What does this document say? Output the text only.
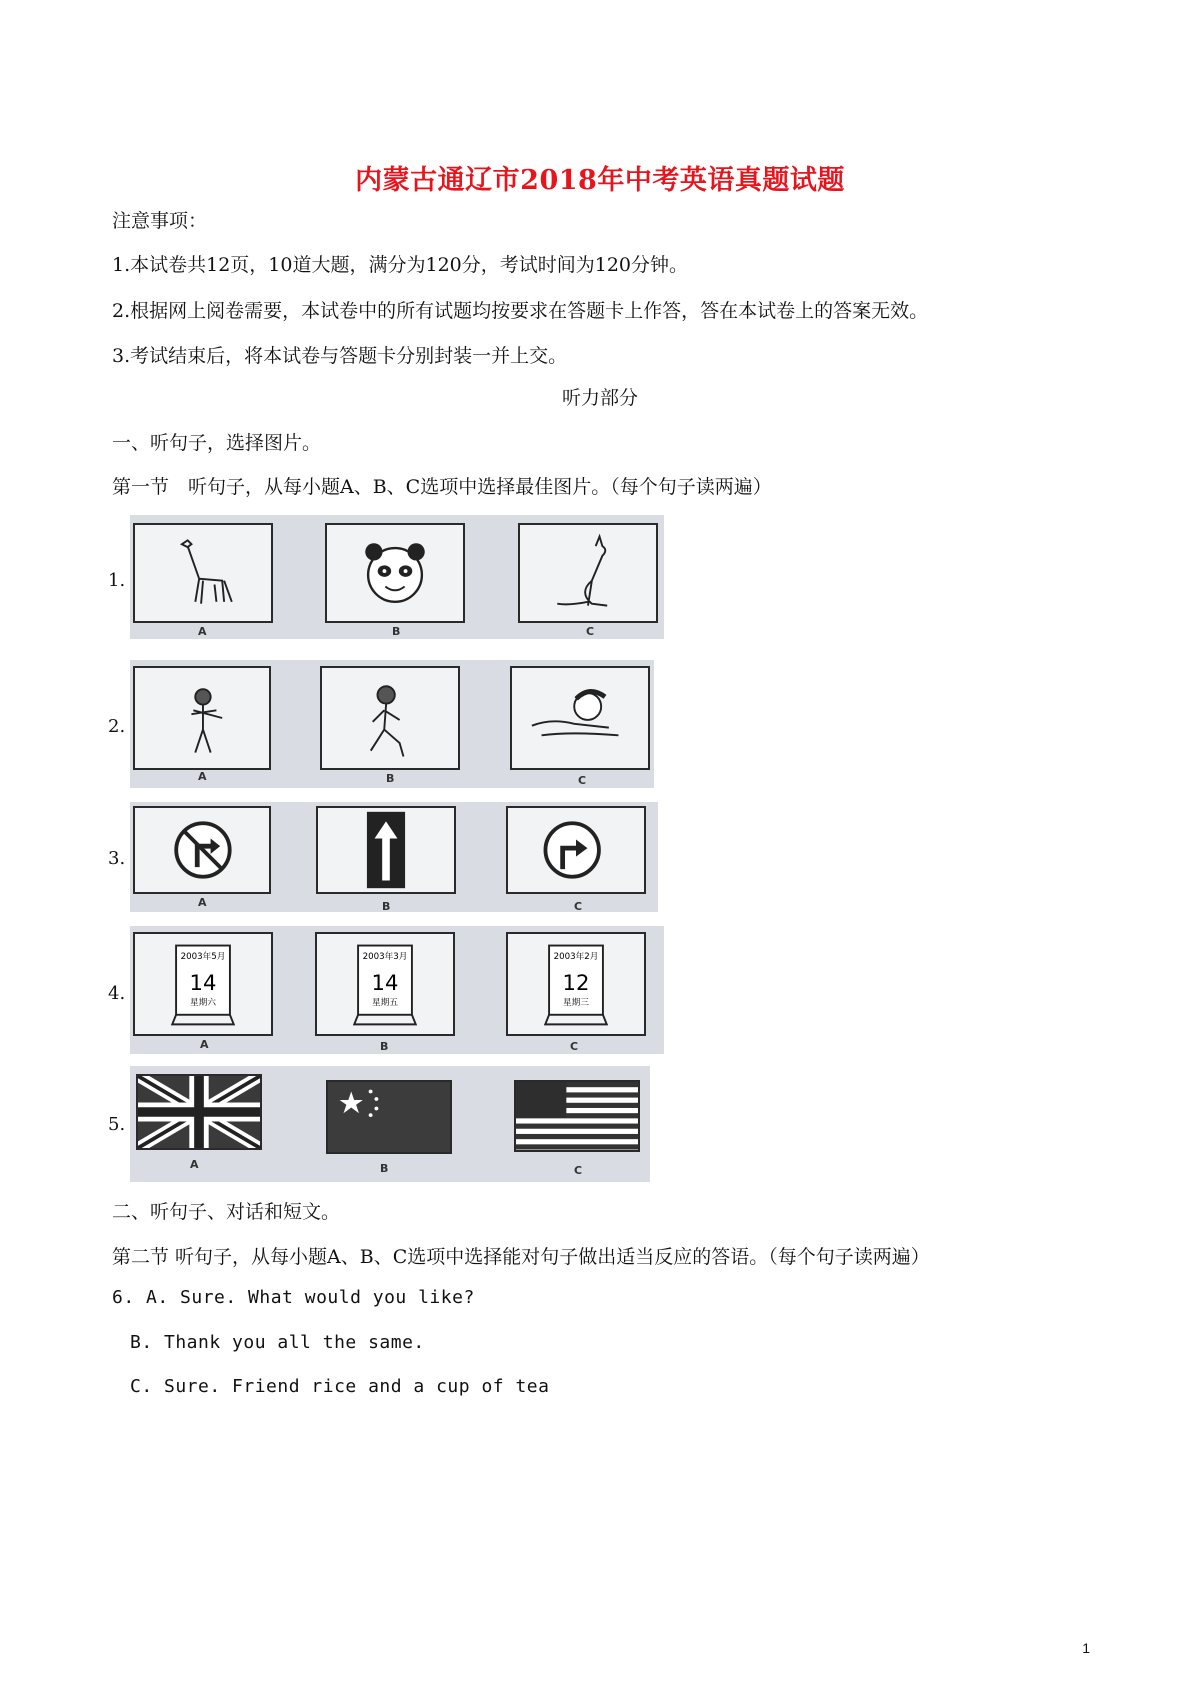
内蒙古通辽市2018年中考英语真题试题
注意事项：
1.本试卷共12页，10道大题，满分为120分，考试时间为120分钟。
2.根据网上阅卷需要，本试卷中的所有试题均按要求在答题卡上作答，答在本试卷上的答案无效。
3.考试结束后，将本试卷与答题卡分别封装一并上交。
听力部分
一、听句子，选择图片。
第一节　听句子，从每小题A、B、C选项中选择最佳图片。（每个句子读两遍）
1.
A	B	C
2.
A	B	C
3.
A	B	C
4.
2003年5月
14
星期六
A
2003年3月
14
星期五
B
2003年2月
12
星期三
C
5.
A	B	C
二、听句子、对话和短文。
第二节 听句子，从每小题A、B、C选项中选择能对句子做出适当反应的答语。（每个句子读两遍）
6. A. Sure. What would you like?
B. Thank you all the same.
C. Sure. Friend rice and a cup of tea
1
